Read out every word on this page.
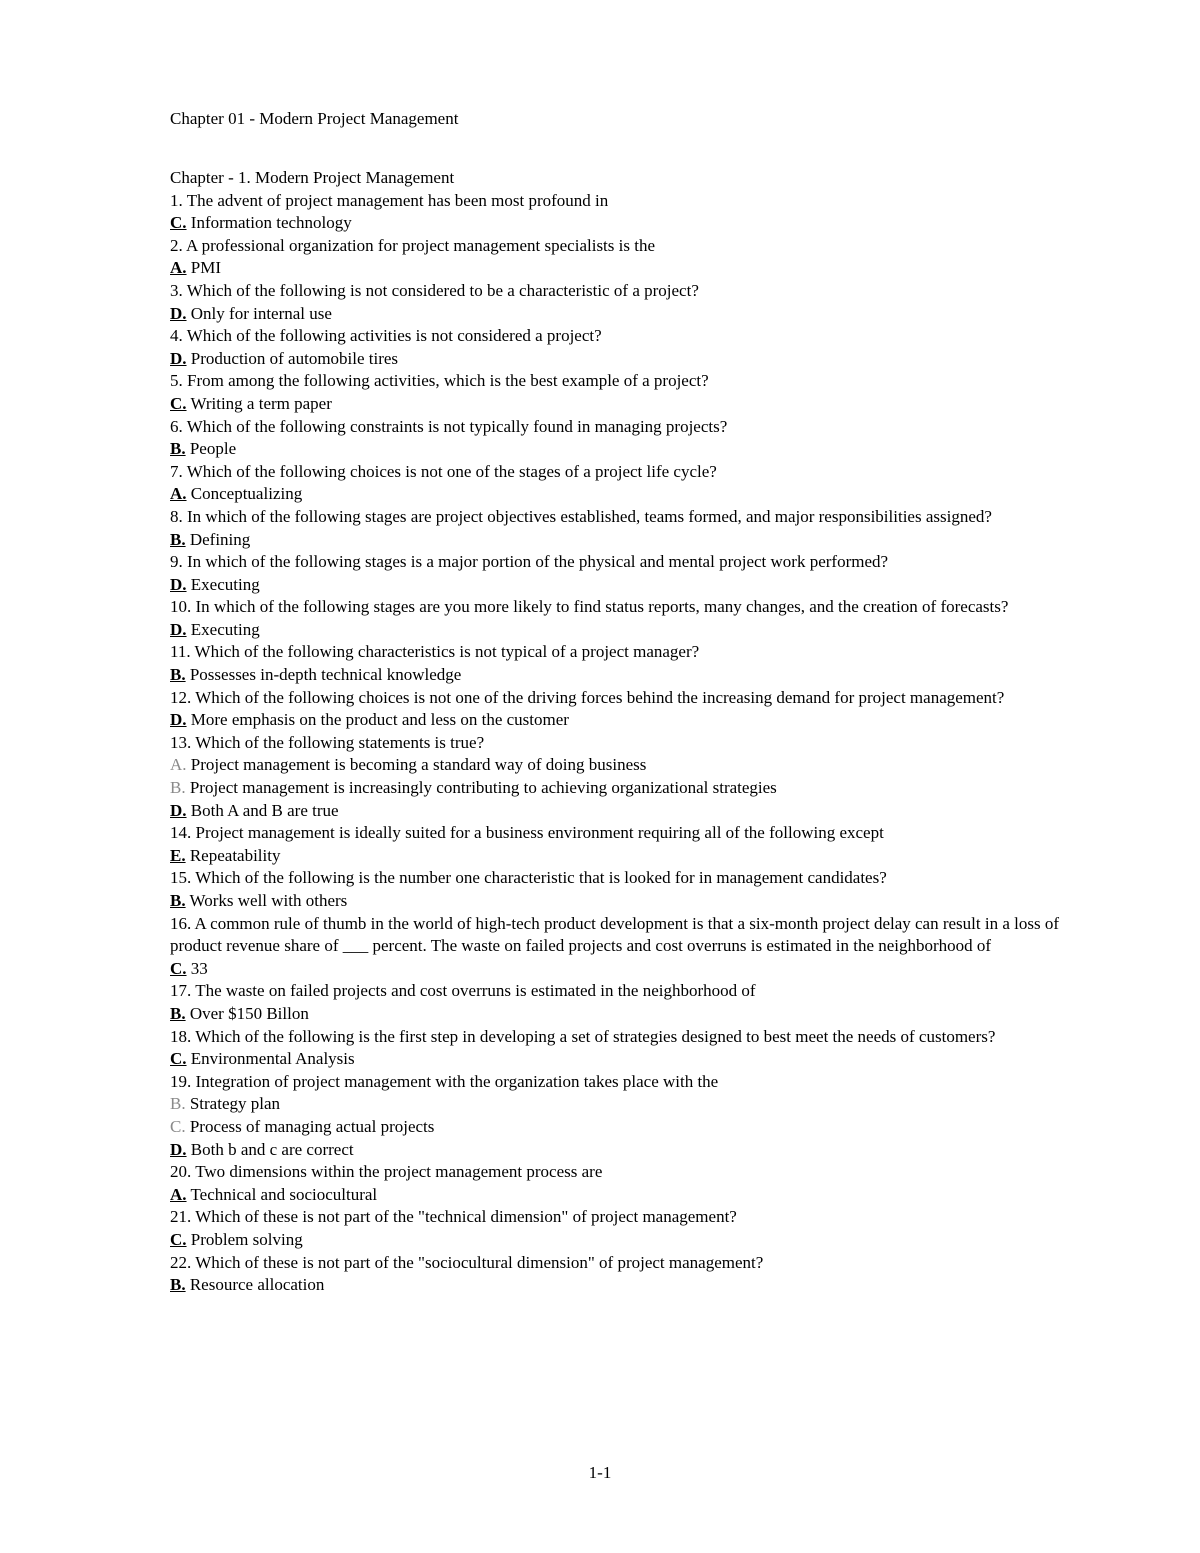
Chapter 01 - Modern Project Management
Chapter - 1. Modern Project Management
1. The advent of project management has been most profound in
C. Information technology
2. A professional organization for project management specialists is the
A. PMI
3. Which of the following is not considered to be a characteristic of a project?
D. Only for internal use
4. Which of the following activities is not considered a project?
D. Production of automobile tires
5. From among the following activities, which is the best example of a project?
C. Writing a term paper
6. Which of the following constraints is not typically found in managing projects?
B. People
7. Which of the following choices is not one of the stages of a project life cycle?
A. Conceptualizing
8. In which of the following stages are project objectives established, teams formed, and major responsibilities assigned?
B. Defining
9. In which of the following stages is a major portion of the physical and mental project work performed?
D. Executing
10. In which of the following stages are you more likely to find status reports, many changes, and the creation of forecasts?
D. Executing
11. Which of the following characteristics is not typical of a project manager?
B. Possesses in-depth technical knowledge
12. Which of the following choices is not one of the driving forces behind the increasing demand for project management?
D. More emphasis on the product and less on the customer
13. Which of the following statements is true?
A. Project management is becoming a standard way of doing business
B. Project management is increasingly contributing to achieving organizational strategies
D. Both A and B are true
14. Project management is ideally suited for a business environment requiring all of the following except
E. Repeatability
15. Which of the following is the number one characteristic that is looked for in management candidates?
B. Works well with others
16. A common rule of thumb in the world of high-tech product development is that a six-month project delay can result in a loss of product revenue share of ___ percent. The waste on failed projects and cost overruns is estimated in the neighborhood of
C. 33
17. The waste on failed projects and cost overruns is estimated in the neighborhood of
B. Over $150 Billon
18. Which of the following is the first step in developing a set of strategies designed to best meet the needs of customers?
C. Environmental Analysis
19. Integration of project management with the organization takes place with the
B. Strategy plan
C. Process of managing actual projects
D. Both b and c are correct
20. Two dimensions within the project management process are
A. Technical and sociocultural
21. Which of these is not part of the "technical dimension" of project management?
C. Problem solving
22. Which of these is not part of the "sociocultural dimension" of project management?
B. Resource allocation
1-1
